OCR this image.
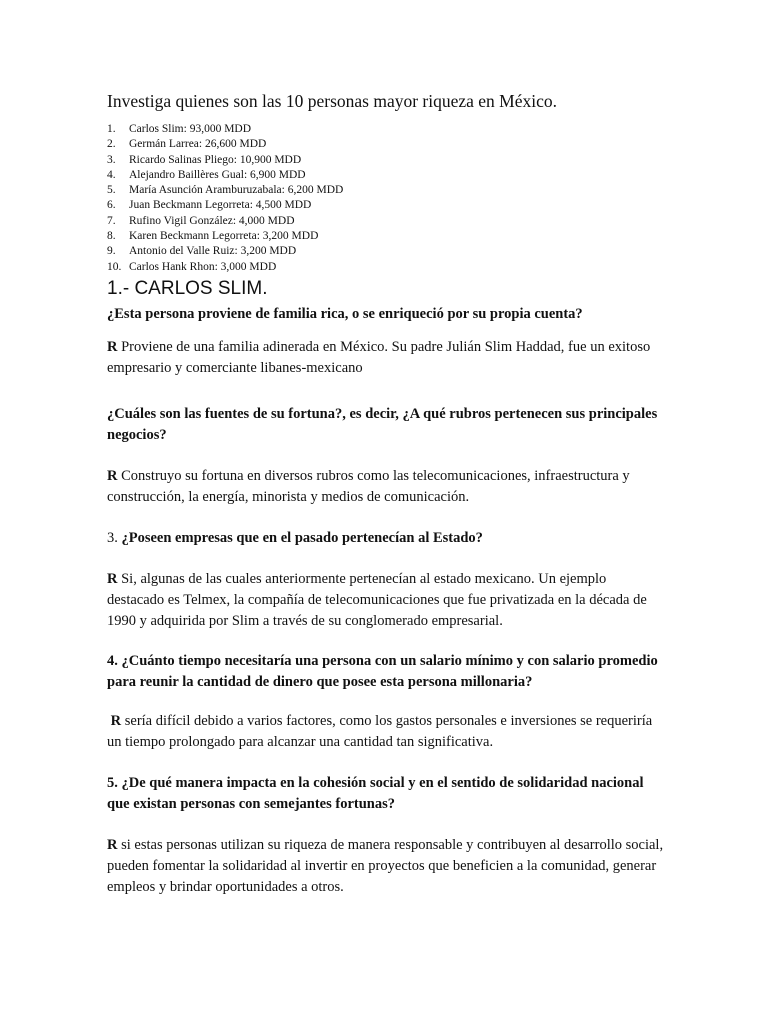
Investiga quienes son las 10 personas mayor riqueza en México.
1.	Carlos Slim: 93,000 MDD
2.	Germán Larrea: 26,600 MDD
3.	Ricardo Salinas Pliego: 10,900 MDD
4.	Alejandro Baillères Gual: 6,900 MDD
5.	María Asunción Aramburuzabala: 6,200 MDD
6.	Juan Beckmann Legorreta: 4,500 MDD
7.	Rufino Vigil González: 4,000 MDD
8.	Karen Beckmann Legorreta: 3,200 MDD
9.	Antonio del Valle Ruiz: 3,200 MDD
10. Carlos Hank Rhon: 3,000 MDD
1.- CARLOS SLIM.

¿Esta persona proviene de familia rica, o se enriqueció por su propia cuenta?

R Proviene de una familia adinerada en México. Su padre Julián Slim Haddad, fue un exitoso empresario y comerciante libanes-mexicano

¿Cuáles son las fuentes de su fortuna?, es decir, ¿A qué rubros pertenecen sus principales negocios?

R Construyo su fortuna en diversos rubros como las telecomunicaciones, infraestructura y construcción, la energía, minorista y medios de comunicación.

3. ¿Poseen empresas que en el pasado pertenecían al Estado?

R Si, algunas de las cuales anteriormente pertenecían al estado mexicano. Un ejemplo destacado es Telmex, la compañía de telecomunicaciones que fue privatizada en la década de 1990 y adquirida por Slim a través de su conglomerado empresarial.

4. ¿Cuánto tiempo necesitaría una persona con un salario mínimo y con salario promedio para reunir la cantidad de dinero que posee esta persona millonaria?

R sería difícil debido a varios factores, como los gastos personales e inversiones se requeriría un tiempo prolongado para alcanzar una cantidad tan significativa.

5. ¿De qué manera impacta en la cohesión social y en el sentido de solidaridad nacional que existan personas con semejantes fortunas?

R si estas personas utilizan su riqueza de manera responsable y contribuyen al desarrollo social, pueden fomentar la solidaridad al invertir en proyectos que beneficien a la comunidad, generar empleos y brindar oportunidades a otros.
